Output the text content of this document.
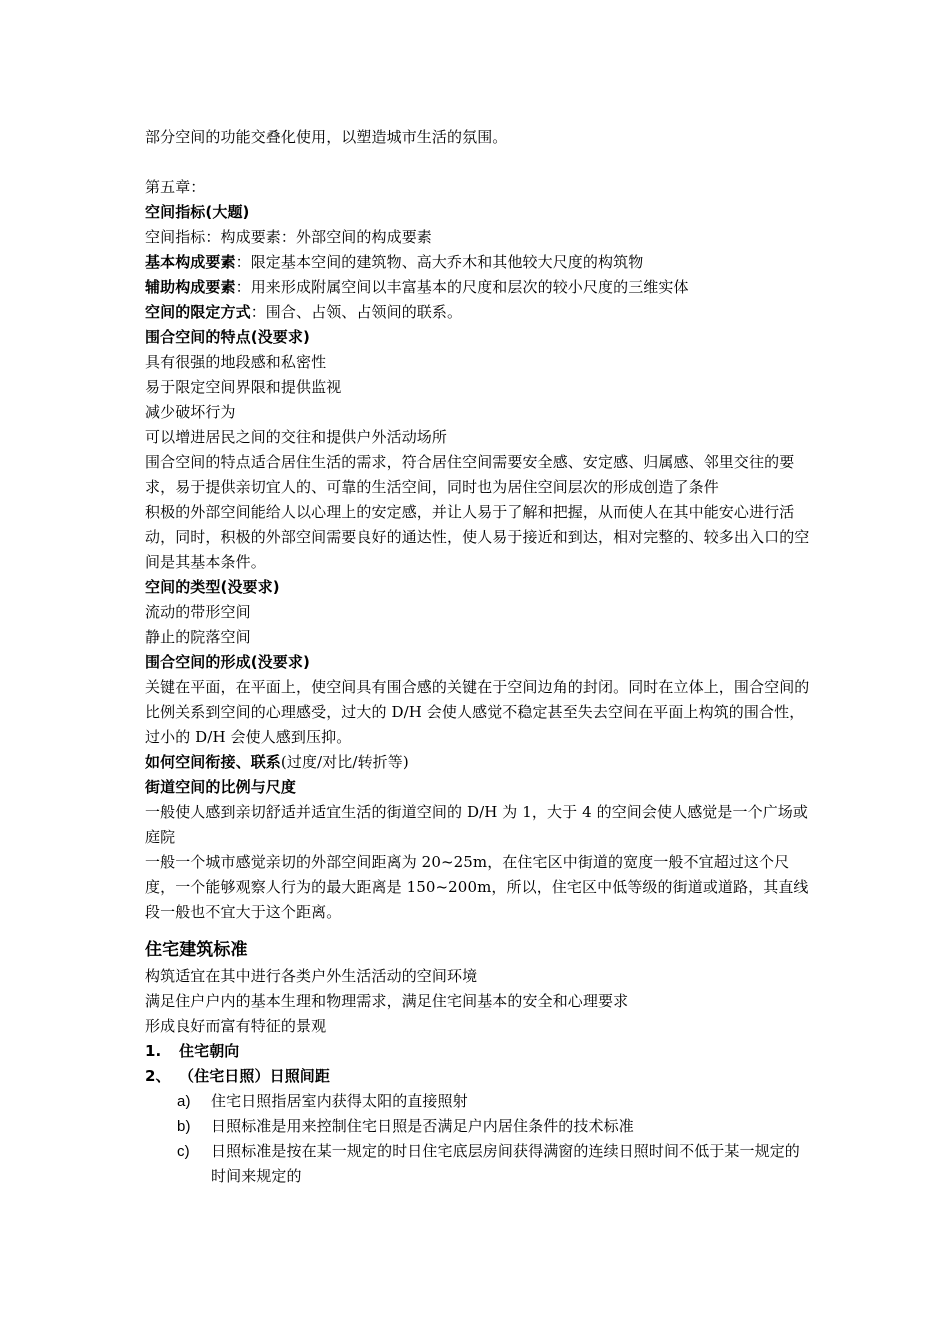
部分空间的功能交叠化使用，以塑造城市生活的氛围。

第五章：

空间指标(大题)

空间指标：构成要素：外部空间的构成要素

基本构成要素：限定基本空间的建筑物、高大乔木和其他较大尺度的构筑物

辅助构成要素：用来形成附属空间以丰富基本的尺度和层次的较小尺度的三维实体

空间的限定方式：围合、占领、占领间的联系。

围合空间的特点(没要求)

具有很强的地段感和私密性

易于限定空间界限和提供监视

减少破坏行为

可以增进居民之间的交往和提供户外活动场所

围合空间的特点适合居住生活的需求，符合居住空间需要安全感、安定感、归属感、邻里交往的要求，易于提供亲切宜人的、可靠的生活空间，同时也为居住空间层次的形成创造了条件

积极的外部空间能给人以心理上的安定感，并让人易于了解和把握，从而使人在其中能安心进行活动，同时，积极的外部空间需要良好的通达性，使人易于接近和到达，相对完整的、较多出入口的空间是其基本条件。

空间的类型(没要求)

流动的带形空间

静止的院落空间

围合空间的形成(没要求)

关键在平面，在平面上，使空间具有围合感的关键在于空间边角的封闭。同时在立体上，围合空间的比例关系到空间的心理感受，过大的 D/H 会使人感觉不稳定甚至失去空间在平面上构筑的围合性，过小的 D/H 会使人感到压抑。

如何空间衔接、联系(过度/对比/转折等)

街道空间的比例与尺度

一般使人感到亲切舒适并适宜生活的街道空间的 D/H 为 1，大于 4 的空间会使人感觉是一个广场或庭院

一般一个城市感觉亲切的外部空间距离为 20~25m，在住宅区中街道的宽度一般不宜超过这个尺度，一个能够观察人行为的最大距离是 150~200m，所以，住宅区中低等级的街道或道路，其直线段一般也不宜大于这个距离。

住宅建筑标准

构筑适宜在其中进行各类户外生活活动的空间环境

满足住户户内的基本生理和物理需求，满足住宅间基本的安全和心理要求

形成良好而富有特征的景观

1.	住宅朝向
2、 （住宅日照）日照间距
a)	住宅日照指居室内获得太阳的直接照射
b)	日照标准是用来控制住宅日照是否满足户内居住条件的技术标准
c)	日照标准是按在某一规定的时日住宅底层房间获得满窗的连续日照时间不低于某一规定的时间来规定的
